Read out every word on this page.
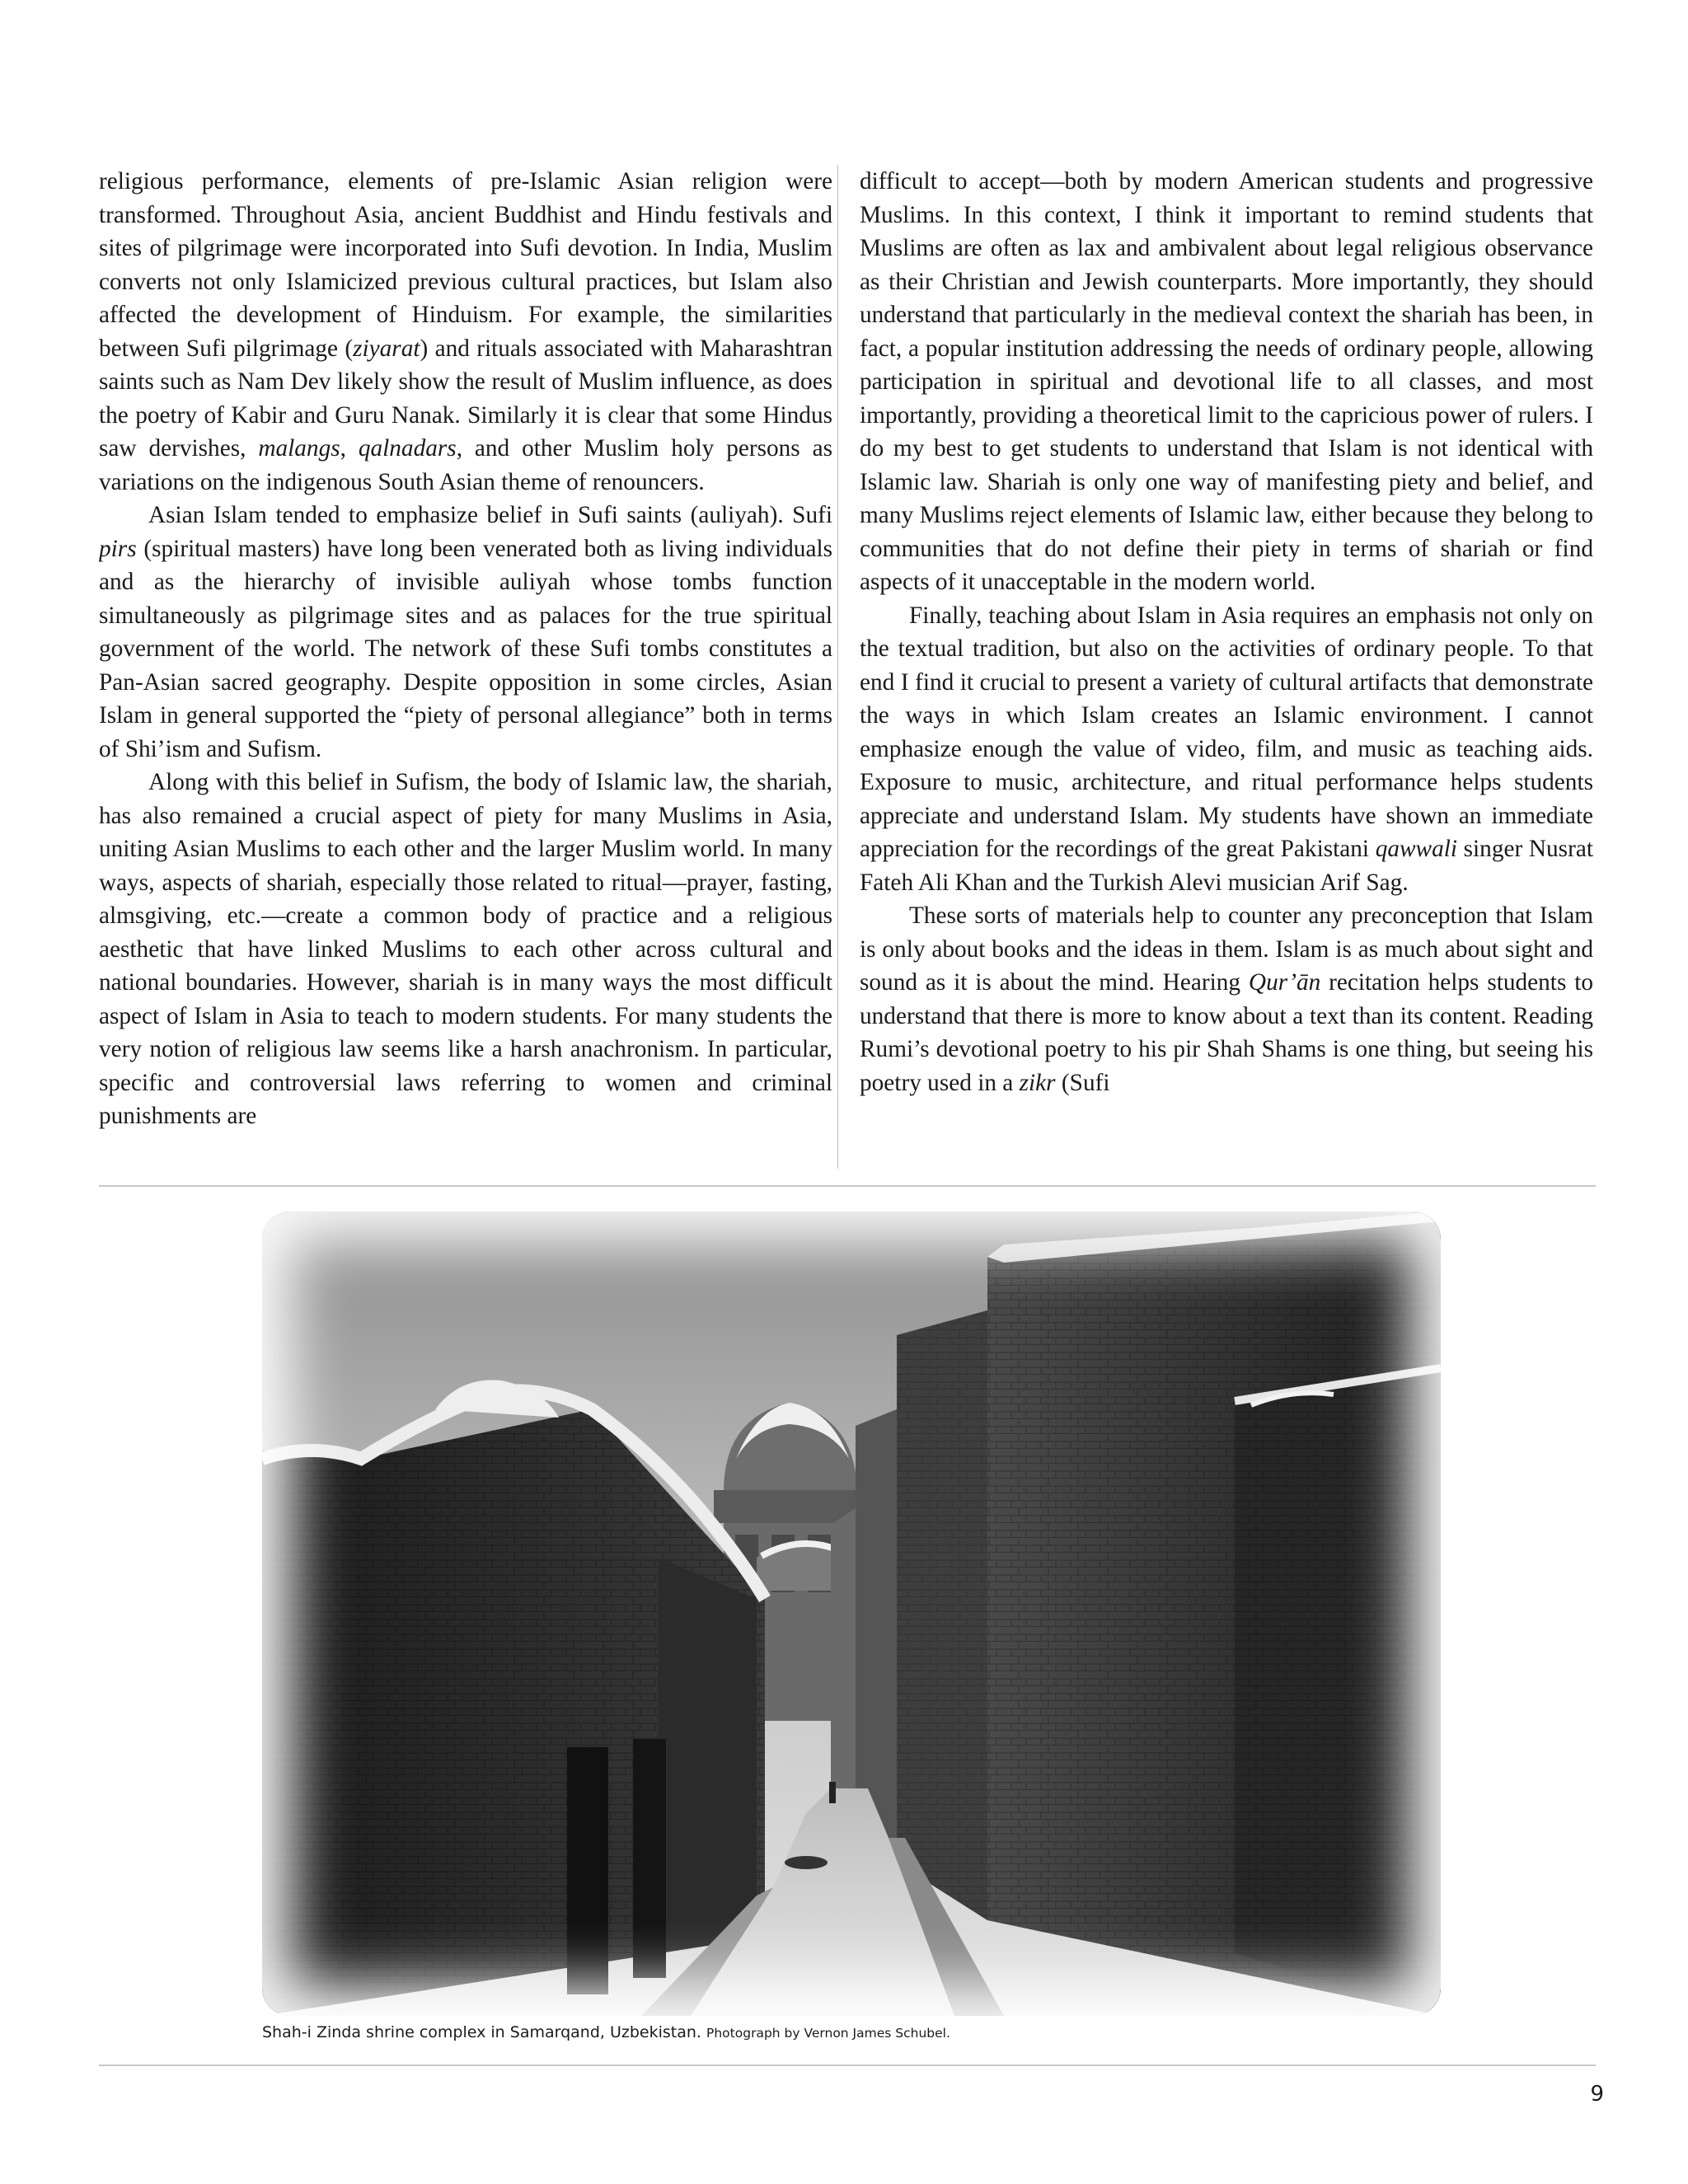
religious performance, elements of pre-Islamic Asian religion were transformed. Throughout Asia, ancient Buddhist and Hindu festivals and sites of pilgrimage were incorporated into Sufi devotion. In India, Muslim converts not only Islamicized previous cultural practices, but Islam also affected the development of Hinduism. For example, the similarities between Sufi pilgrimage (ziyarat) and rituals associated with Maharashtran saints such as Nam Dev likely show the result of Muslim influence, as does the poetry of Kabir and Guru Nanak. Similarly it is clear that some Hindus saw dervishes, malangs, qalnadars, and other Muslim holy persons as variations on the indigenous South Asian theme of renouncers.

Asian Islam tended to emphasize belief in Sufi saints (auliyah). Sufi pirs (spiritual masters) have long been venerated both as living individuals and as the hierarchy of invisible auliyah whose tombs function simultaneously as pilgrimage sites and as palaces for the true spiritual government of the world. The network of these Sufi tombs constitutes a Pan-Asian sacred geography. Despite opposition in some circles, Asian Islam in general supported the “piety of personal allegiance” both in terms of Shi’ism and Sufism.

Along with this belief in Sufism, the body of Islamic law, the shariah, has also remained a crucial aspect of piety for many Muslims in Asia, uniting Asian Muslims to each other and the larger Muslim world. In many ways, aspects of shariah, especially those related to ritual—prayer, fasting, almsgiving, etc.—create a common body of practice and a religious aesthetic that have linked Muslims to each other across cultural and national boundaries. However, shariah is in many ways the most difficult aspect of Islam in Asia to teach to modern students. For many students the very notion of religious law seems like a harsh anachronism. In particular, specific and controversial laws referring to women and criminal punishments are

difficult to accept—both by modern American students and progressive Muslims. In this context, I think it important to remind students that Muslims are often as lax and ambivalent about legal religious observance as their Christian and Jewish counterparts. More importantly, they should understand that particularly in the medieval context the shariah has been, in fact, a popular institution addressing the needs of ordinary people, allowing participation in spiritual and devotional life to all classes, and most importantly, providing a theoretical limit to the capricious power of rulers. I do my best to get students to understand that Islam is not identical with Islamic law. Shariah is only one way of manifesting piety and belief, and many Muslims reject elements of Islamic law, either because they belong to communities that do not define their piety in terms of shariah or find aspects of it unacceptable in the modern world.

Finally, teaching about Islam in Asia requires an emphasis not only on the textual tradition, but also on the activities of ordinary people. To that end I find it crucial to present a variety of cultural artifacts that demonstrate the ways in which Islam creates an Islamic environment. I cannot emphasize enough the value of video, film, and music as teaching aids. Exposure to music, architecture, and ritual performance helps students appreciate and understand Islam. My students have shown an immediate appreciation for the recordings of the great Pakistani qawwali singer Nusrat Fateh Ali Khan and the Turkish Alevi musician Arif Sag.

These sorts of materials help to counter any preconception that Islam is only about books and the ideas in them. Islam is as much about sight and sound as it is about the mind. Hearing Qur’ān recitation helps students to understand that there is more to know about a text than its content. Reading Rumi’s devotional poetry to his pir Shah Shams is one thing, but seeing his poetry used in a zikr (Sufi

Shah-i Zinda shrine complex in Samarqand, Uzbekistan. Photograph by Vernon James Schubel.
9
